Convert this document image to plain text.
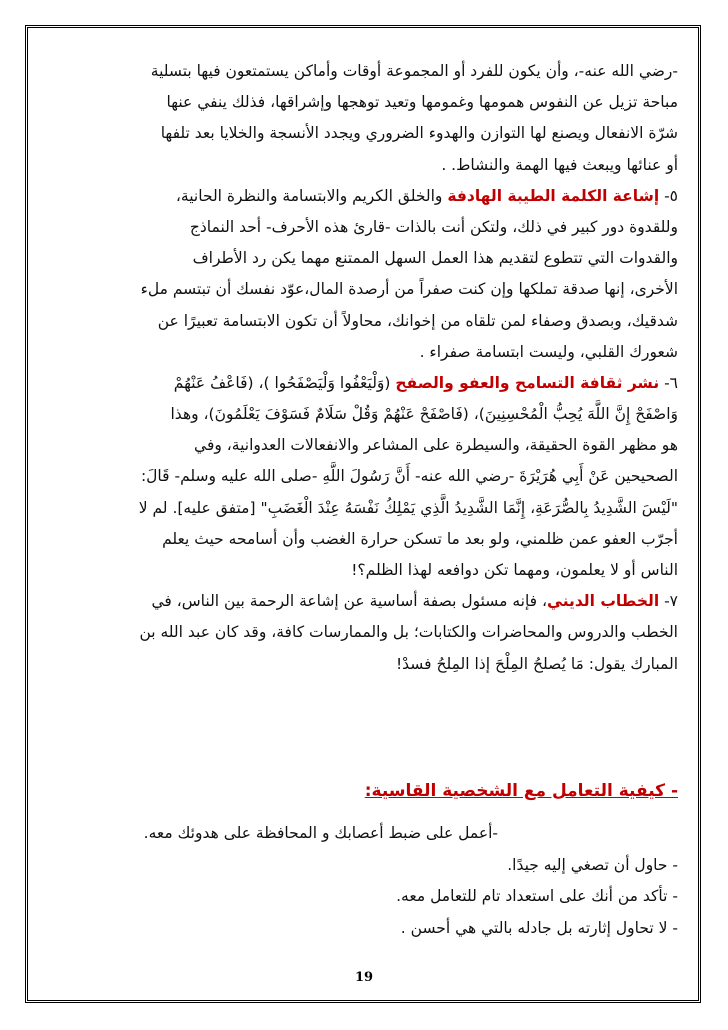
-رضي الله عنه-، وأن يكون للفرد أو المجموعة أوقات وأماكن يستمتعون فيها بتسلية
مباحة تزيل عن النفوس همومها وغمومها وتعيد توهجها وإشراقها، فذلك ينفي عنها
شرّة الانفعال ويصنع لها التوازن والهدوء الضروري ويجدد الأنسجة والخلايا بعد تلفها
أو عنائها ويبعث فيها الهمة والنشاط. .
٥- إشاعة الكلمة الطيبة الهادفة والخلق الكريم والابتسامة والنظرة الحانية،
وللقدوة دور كبير في ذلك، ولتكن أنت بالذات -قارئ هذه الأحرف- أحد النماذج
والقدوات التي تتطوع لتقديم هذا العمل السهل الممتنع مهما يكن رد الأطراف
الأخرى، إنها صدقة تملكها وإن كنت صفراً من أرصدة المال،عوّد نفسك أن تبتسم ملء
شدقيك، وبصدق وصفاء لمن تلقاه من إخوانك، محاولاً أن تكون الابتسامة تعبيرًا عن
شعورك القلبي، وليست ابتسامة صفراء .
٦- نشر ثقافة التسامح والعفو والصفح (وَلْيَعْفُوا وَلْيَصْفَحُوا )، (فَاعْفُ عَنْهُمْ
وَاصْفَحْ إِنَّ اللَّهَ يُحِبُّ الْمُحْسِنِينَ)، (فَاصْفَحْ عَنْهُمْ وَقُلْ سَلَامٌ فَسَوْفَ يَعْلَمُونَ)، وهذا
هو مظهر القوة الحقيقة، والسيطرة على المشاعر والانفعالات العدوانية، وفي
الصحيحين عَنْ أَبِي هُرَيْرَةَ -رضي الله عنه- أَنَّ رَسُولَ اللَّهِ -صلى الله عليه وسلم- قَالَ:
"لَيْسَ الشَّدِيدُ بِالصُّرَعَةِ، إِنَّمَا الشَّدِيدُ الَّذِي يَمْلِكُ نَفْسَهُ عِنْدَ الْغَضَبِ" [متفق عليه]. لم لا
أجرّب العفو عمن ظلمني، ولو بعد ما تسكن حرارة الغضب وأن أسامحه حيث يعلم
الناس أو لا يعلمون، ومهما تكن دوافعه لهذا الظلم؟!
٧- الخطاب الديني، فإنه مسئول بصفة أساسية عن إشاعة الرحمة بين الناس، في
الخطب والدروس والمحاضرات والكتابات؛ بل والممارسات كافة، وقد كان عبد الله بن
المبارك يقول: مَا يُصلحُ المِلْحَ إذا المِلحُ فسدْ!
- كيفية التعامل مع الشخصية القاسية:
-أعمل على ضبط أعصابك و المحافظة على هدوئك معه.
- حاول أن تصغي إليه جيدًا.
- تأكد من أنك على استعداد تام للتعامل معه.
- لا تحاول إثارته بل جادله بالتي هي أحسن .
19
